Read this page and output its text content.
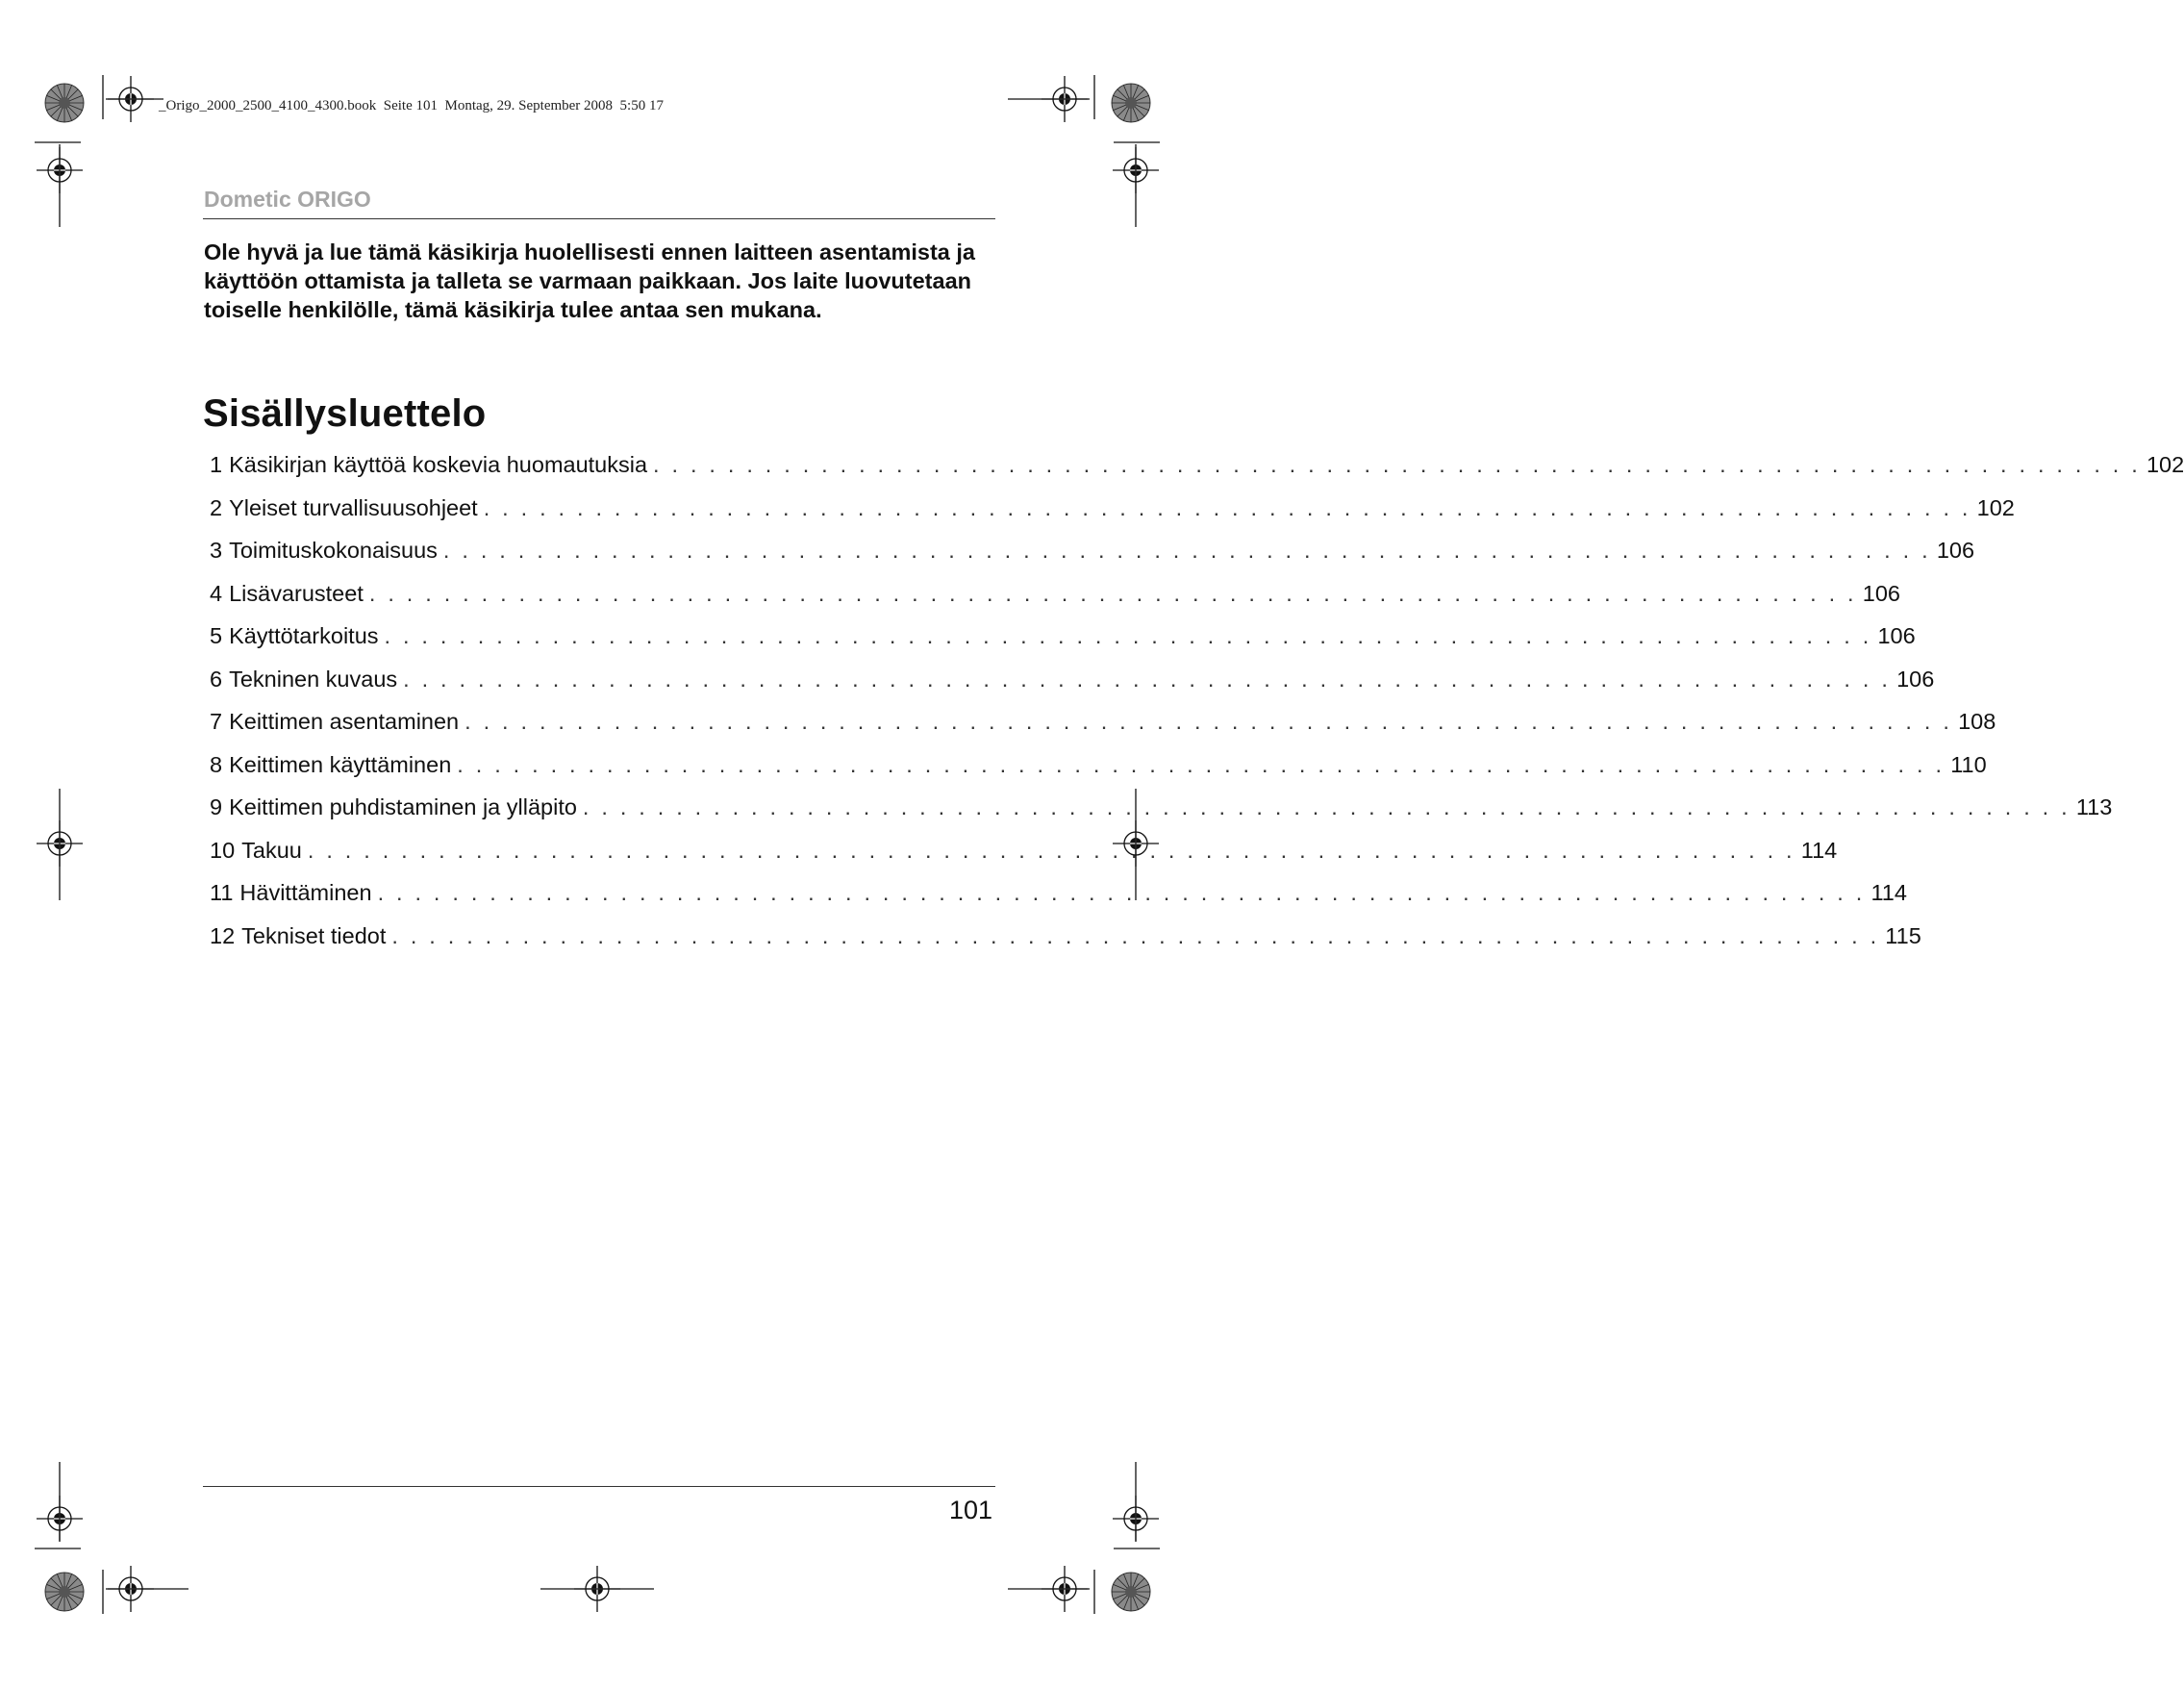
_Origo_2000_2500_4100_4300.book  Seite 101  Montag, 29. September 2008  5:50 17
Dometic ORIGO
Ole hyvä ja lue tämä käsikirja huolellisesti ennen laitteen asentamista ja käyttöön ottamista ja talleta se varmaan paikkaan. Jos laite luovutetaan toiselle henkilölle, tämä käsikirja tulee antaa sen mukana.
Sisällysluettelo
1 Käsikirjan käyttöä koskevia huomautuksia . . . . . . . . . . . . . . . . . . . . . . . . . . . . . . . . . . . . . . . . . . . . . . . . . . . . . . . . . . . . . . . . . . . . . . . . . . . . . . . . 102
2 Yleiset turvallisuusohjeet . . . . . . . . . . . . . . . . . . . . . . . . . . . . . . . . . . . . . . . . . . . . . . . . . . . . . . . . . . . . . . . . . . . . . . . . . . . . . . . . 102
3 Toimituskokonaisuus . . . . . . . . . . . . . . . . . . . . . . . . . . . . . . . . . . . . . . . . . . . . . . . . . . . . . . . . . . . . . . . . . . . . . . . . . . . . . . . . 106
4 Lisävarusteet . . . . . . . . . . . . . . . . . . . . . . . . . . . . . . . . . . . . . . . . . . . . . . . . . . . . . . . . . . . . . . . . . . . . . . . . . . . . . . . . 106
5 Käyttötarkoitus . . . . . . . . . . . . . . . . . . . . . . . . . . . . . . . . . . . . . . . . . . . . . . . . . . . . . . . . . . . . . . . . . . . . . . . . . . . . . . . . 106
6 Tekninen kuvaus . . . . . . . . . . . . . . . . . . . . . . . . . . . . . . . . . . . . . . . . . . . . . . . . . . . . . . . . . . . . . . . . . . . . . . . . . . . . . . . . 106
7 Keittimen asentaminen . . . . . . . . . . . . . . . . . . . . . . . . . . . . . . . . . . . . . . . . . . . . . . . . . . . . . . . . . . . . . . . . . . . . . . . . . . . . . . . . 108
8 Keittimen käyttäminen . . . . . . . . . . . . . . . . . . . . . . . . . . . . . . . . . . . . . . . . . . . . . . . . . . . . . . . . . . . . . . . . . . . . . . . . . . . . . . . . 110
9 Keittimen puhdistaminen ja ylläpito . . . . . . . . . . . . . . . . . . . . . . . . . . . . . . . . . . . . . . . . . . . . . . . . . . . . . . . . . . . . . . . . . . . . . . . . . . . . . . . . 113
10 Takuu . . . . . . . . . . . . . . . . . . . . . . . . . . . . . . . . . . . . . . . . . . . . . . . . . . . . . . . . . . . . . . . . . . . . . . . . . . . . . . . . 114
11 Hävittäminen . . . . . . . . . . . . . . . . . . . . . . . . . . . . . . . . . . . . . . . . . . . . . . . . . . . . . . . . . . . . . . . . . . . . . . . . . . . . . . . . 114
12 Tekniset tiedot . . . . . . . . . . . . . . . . . . . . . . . . . . . . . . . . . . . . . . . . . . . . . . . . . . . . . . . . . . . . . . . . . . . . . . . . . . . . . . . . 115
101
